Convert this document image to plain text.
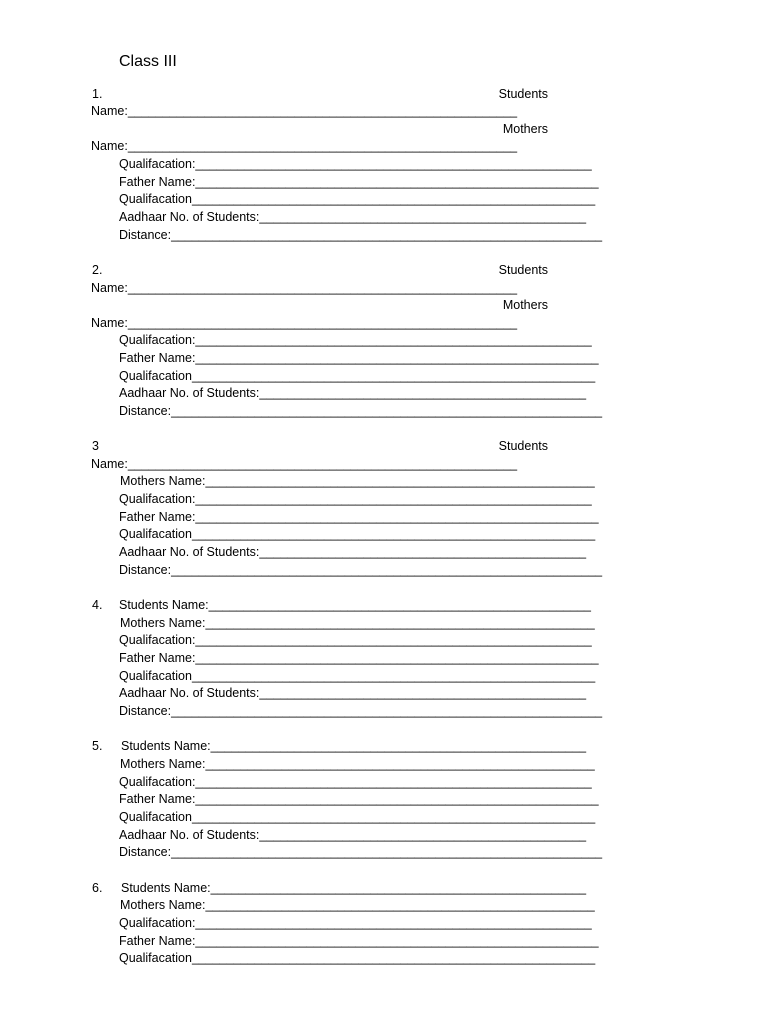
Class III
1.	Students
Name:________________________________________________________
Mothers
Name:________________________________________________________
Qualifacation:_________________________________________________________
Father Name:__________________________________________________________
Qualifacation__________________________________________________________
Aadhaar No. of Students:_______________________________________________
Distance:______________________________________________________________
2.	Students
Name:________________________________________________________
Mothers
Name:________________________________________________________
Qualifacation:_________________________________________________________
Father Name:__________________________________________________________
Qualifacation__________________________________________________________
Aadhaar No. of Students:_______________________________________________
Distance:______________________________________________________________
3	Students
Name:________________________________________________________
Mothers Name:________________________________________________________
Qualifacation:_________________________________________________________
Father Name:__________________________________________________________
Qualifacation__________________________________________________________
Aadhaar No. of Students:_______________________________________________
Distance:______________________________________________________________
4. Students Name:_______________________________________________________
Mothers Name:________________________________________________________
Qualifacation:_________________________________________________________
Father Name:__________________________________________________________
Qualifacation__________________________________________________________
Aadhaar No. of Students:_______________________________________________
Distance:______________________________________________________________
5. Students Name:______________________________________________________
Mothers Name:________________________________________________________
Qualifacation:_________________________________________________________
Father Name:__________________________________________________________
Qualifacation__________________________________________________________
Aadhaar No. of Students:_______________________________________________
Distance:______________________________________________________________
6. Students Name:______________________________________________________
Mothers Name:________________________________________________________
Qualifacation:_________________________________________________________
Father Name:__________________________________________________________
Qualifacation__________________________________________________________
